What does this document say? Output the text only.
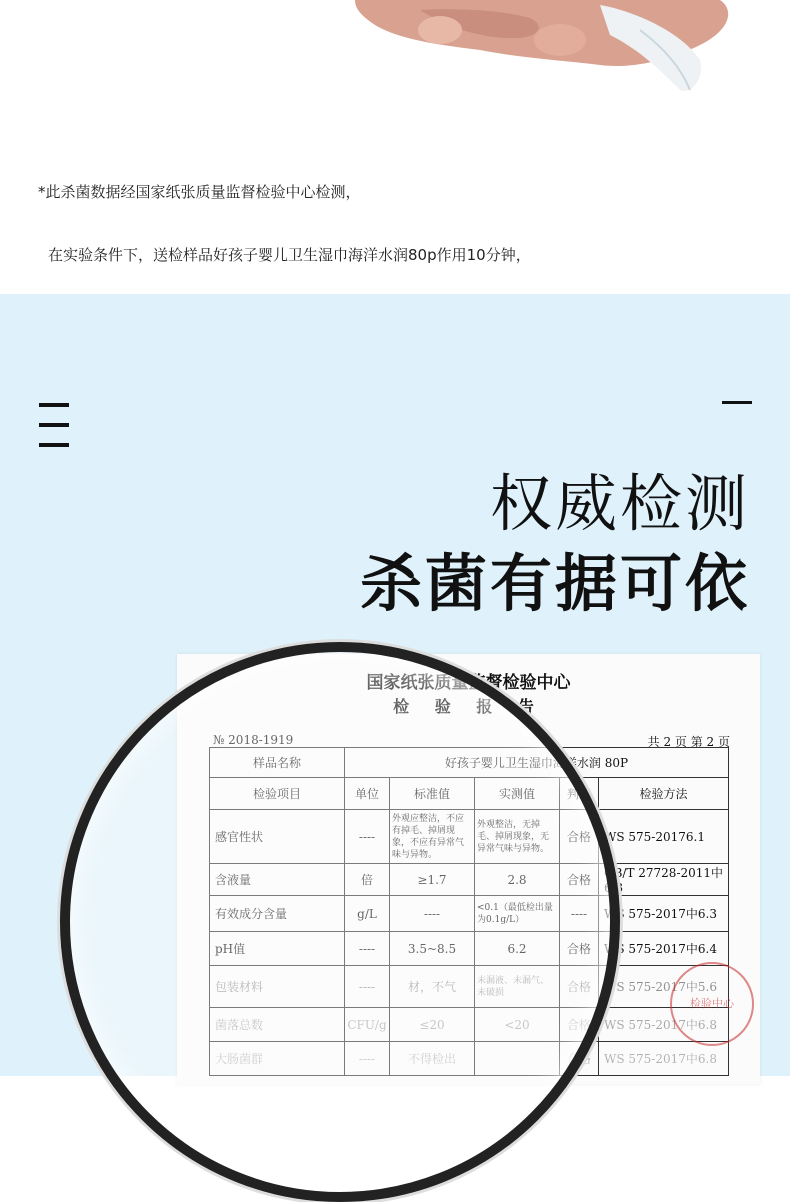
*此杀菌数据经国家纸张质量监督检验中心检测，

在实验条件下，送检样品好孩子婴儿卫生湿巾海洋水润80p作用10分钟，

权威检测
杀菌有据可依
国家纸张质量监督检验中心
检 验 报 告
№ 2018-1919	共 2 页 第 2 页
样品名称	好孩子婴儿卫生湿巾海洋水润 80P				
检验项目	单位	标准值	实测值	判定	检验方法
感官性状	----	外观应整洁，不应有掉毛、掉屑现象，不应有异常气味与异物。	外观整洁，无掉毛、掉屑现象，无异常气味与异物。	合格	WS 575-20176.1
含液量	倍	≥1.7	2.8	合格	GB/T 27728-2011中6.3
有效成分含量	g/L	----	<0.1（最低检出量为0.1g/L）	----	WS 575-2017中6.3
pH值	----	3.5~8.5	6.2	合格	WS 575-2017中6.4
包装材料	----	材，不气	未漏液、未漏气、未破损	合格	WS 575-2017中5.6
菌落总数	CFU/g	≤20	<20	合格	WS 575-2017中6.8
大肠菌群	----	不得检出		合格	WS 575-2017中6.8
检验中心
